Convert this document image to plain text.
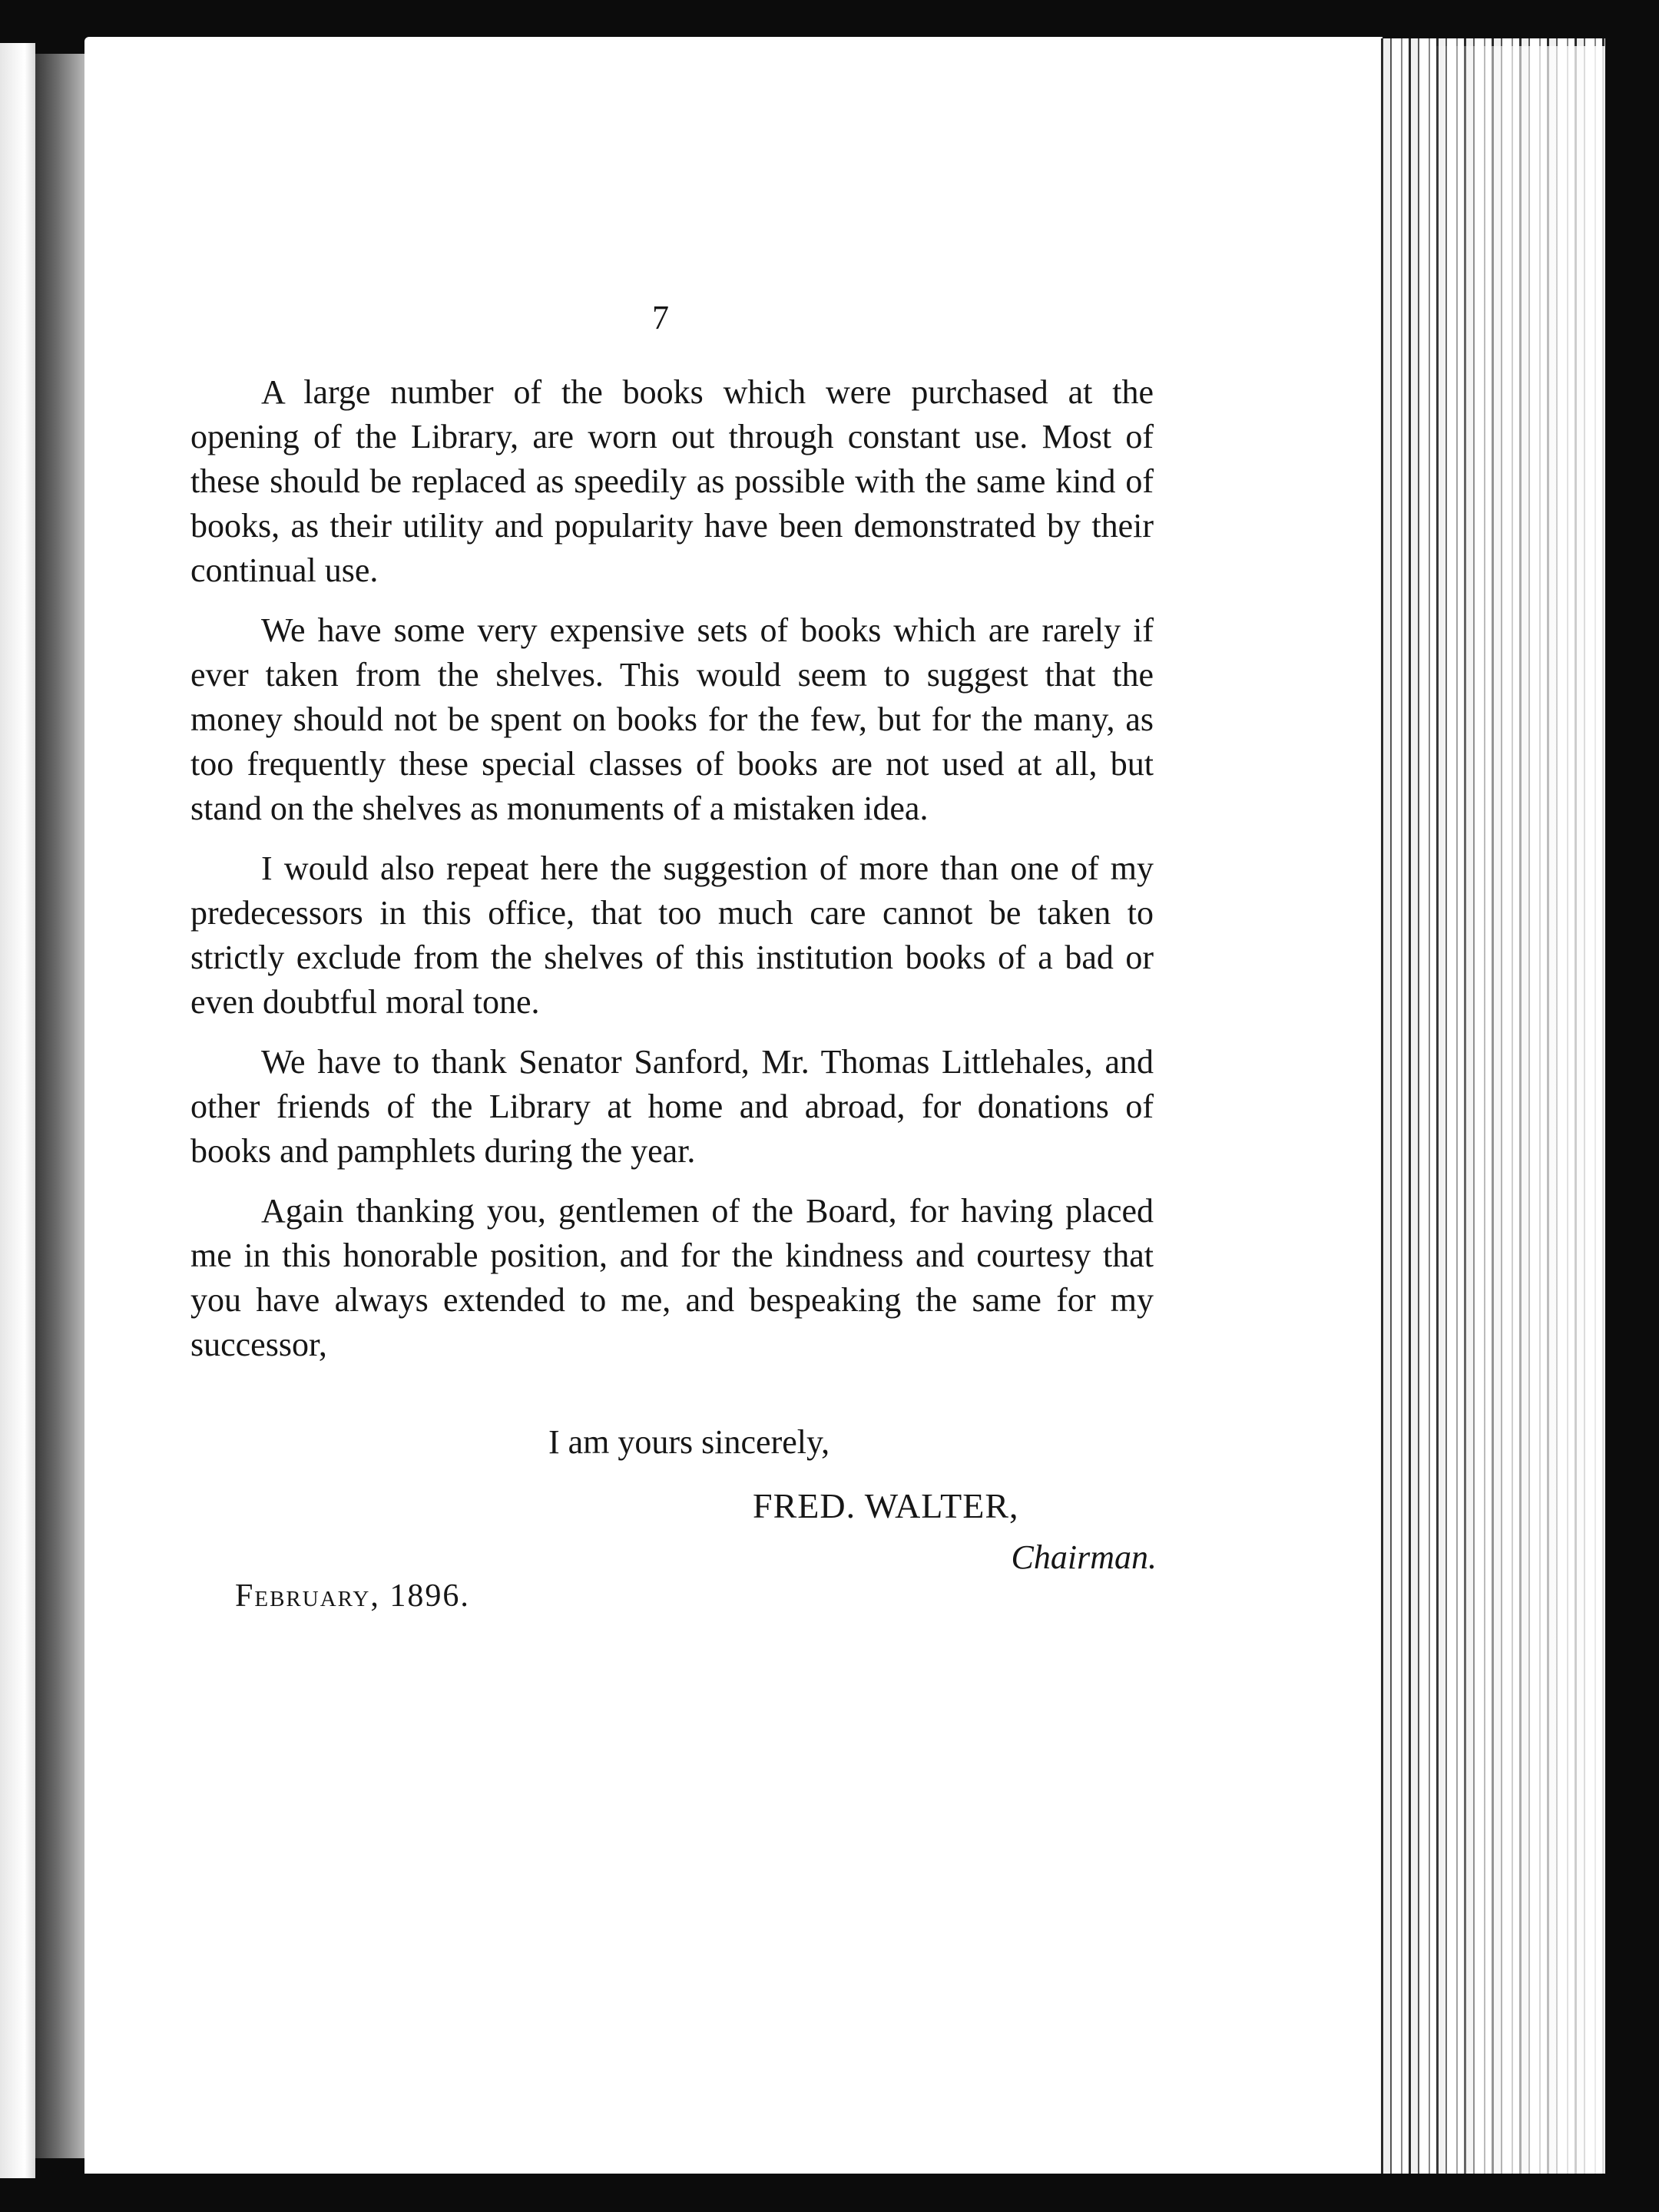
7

A large number of the books which were purchased at the opening of the Library, are worn out through constant use. Most of these should be replaced as speedily as possible with the same kind of books, as their utility and popularity have been demonstrated by their continual use.

We have some very expensive sets of books which are rarely if ever taken from the shelves. This would seem to suggest that the money should not be spent on books for the few, but for the many, as too frequently these special classes of books are not used at all, but stand on the shelves as monuments of a mistaken idea.

I would also repeat here the suggestion of more than one of my predecessors in this office, that too much care cannot be taken to strictly exclude from the shelves of this institution books of a bad or even doubtful moral tone.

We have to thank Senator Sanford, Mr. Thomas Littlehales, and other friends of the Library at home and abroad, for donations of books and pamphlets during the year.

Again thanking you, gentlemen of the Board, for having placed me in this honorable position, and for the kindness and courtesy that you have always extended to me, and bespeaking the same for my successor,

I am yours sincerely,
FRED. WALTER,
Chairman.
February, 1896.
